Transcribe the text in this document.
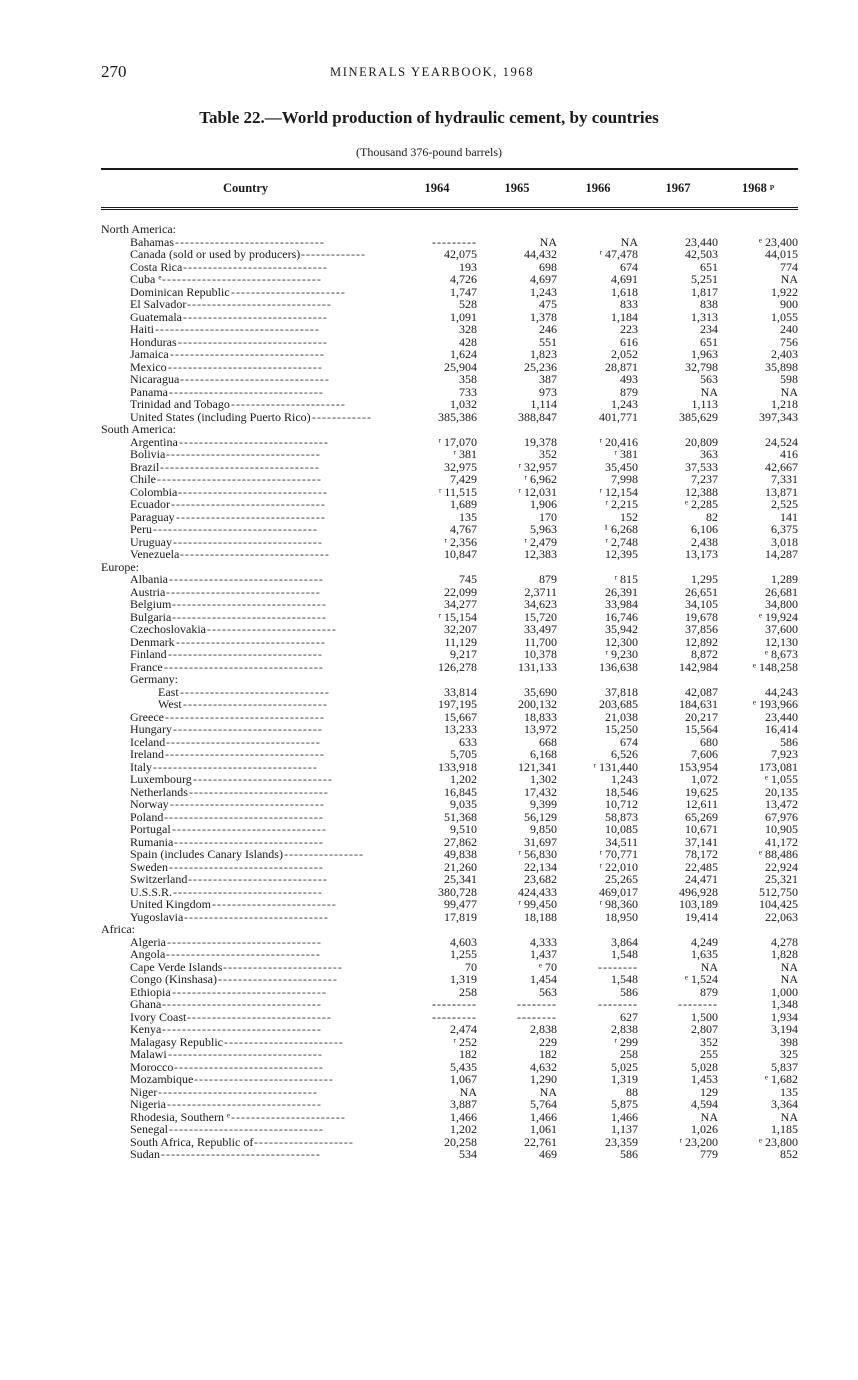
270	MINERALS YEARBOOK, 1968
Table 22.—World production of hydraulic cement, by countries
(Thousand 376-pound barrels)
Country	1964	1965	1966	1967	1968 ᵖ
North America:
Bahamas ------------------------------	---------	NA	NA	23,440	ᵉ 23,400
Canada (sold or used by producers) -------------	42,075	44,432	ʳ 47,478	42,503	44,015
Costa Rica -----------------------------	193	698	674	651	774
Cuba ᵉ --------------------------------	4,726	4,697	4,691	5,251	NA
Dominican Republic -----------------------	1,747	1,243	1,618	1,817	1,922
El Salvador -----------------------------	528	475	833	838	900
Guatemala -----------------------------	1,091	1,378	1,184	1,313	1,055
Haiti ---------------------------------	328	246	223	234	240
Honduras ------------------------------	428	551	616	651	756
Jamaica -------------------------------	1,624	1,823	2,052	1,963	2,403
Mexico -------------------------------	25,904	25,236	28,871	32,798	35,898
Nicaragua ------------------------------	358	387	493	563	598
Panama -------------------------------	733	973	879	NA	NA
Trinidad and Tobago -----------------------	1,032	1,114	1,243	1,113	1,218
United States (including Puerto Rico) ------------	385,386	388,847	401,771	385,629	397,343
South America:
Argentina ------------------------------	ʳ 17,070	19,378	ʳ 20,416	20,809	24,524
Bolivia -------------------------------	ʳ 381	352	ʳ 381	363	416
Brazil --------------------------------	32,975	ʳ 32,957	35,450	37,533	42,667
Chile ---------------------------------	7,429	ʳ 6,962	7,998	7,237	7,331
Colombia ------------------------------	ʳ 11,515	ʳ 12,031	ʳ 12,154	12,388	13,871
Ecuador -------------------------------	1,689	1,906	ʳ 2,215	ᵉ 2,285	2,525
Paraguay ------------------------------	135	170	152	82	141
Peru ---------------------------------	4,767	5,963	¹ 6,268	6,106	6,375
Uruguay ------------------------------	ʳ 2,356	ʳ 2,479	ʳ 2,748	2,438	3,018
Venezuela ------------------------------	10,847	12,383	12,395	13,173	14,287
Europe:
Albania -------------------------------	745	879	ʳ 815	1,295	1,289
Austria -------------------------------	22,099	2,3711	26,391	26,651	26,681
Belgium -------------------------------	34,277	34,623	33,984	34,105	34,800
Bulgaria -------------------------------	ʳ 15,154	15,720	16,746	19,678	ᵉ 19,924
Czechoslovakia --------------------------	32,207	33,497	35,942	37,856	37,600
Denmark ------------------------------	11,129	11,700	12,300	12,892	12,130
Finland -------------------------------	9,217	10,378	ʳ 9,230	8,872	ᵉ 8,673
France --------------------------------	126,278	131,133	136,638	142,984	ᵉ 148,258
Germany:
East ------------------------------	33,814	35,690	37,818	42,087	44,243
West -----------------------------	197,195	200,132	203,685	184,631	ᵉ 193,966
Greece --------------------------------	15,667	18,833	21,038	20,217	23,440
Hungary ------------------------------	13,233	13,972	15,250	15,564	16,414
Iceland -------------------------------	633	668	674	680	586
Ireland --------------------------------	5,705	6,168	6,526	7,606	7,923
Italy ---------------------------------	133,918	121,341	ʳ 131,440	153,954	173,081
Luxembourg ----------------------------	1,202	1,302	1,243	1,072	ᵉ 1,055
Netherlands ----------------------------	16,845	17,432	18,546	19,625	20,135
Norway -------------------------------	9,035	9,399	10,712	12,611	13,472
Poland --------------------------------	51,368	56,129	58,873	65,269	67,976
Portugal -------------------------------	9,510	9,850	10,085	10,671	10,905
Rumania ------------------------------	27,862	31,697	34,511	37,141	41,172
Spain (includes Canary Islands) ----------------	49,838	ʳ 56,830	ʳ 70,771	78,172	ᵉ 88,486
Sweden -------------------------------	21,260	22,134	ʳ 22,010	22,485	22,924
Switzerland ----------------------------	25,341	23,682	25,265	24,471	25,321
U.S.S.R. ------------------------------	380,728	424,433	469,017	496,928	512,750
United Kingdom -------------------------	99,477	ʳ 99,450	ʳ 98,360	103,189	104,425
Yugoslavia -----------------------------	17,819	18,188	18,950	19,414	22,063
Africa:
Algeria -------------------------------	4,603	4,333	3,864	4,249	4,278
Angola -------------------------------	1,255	1,437	1,548	1,635	1,828
Cape Verde Islands ------------------------	70	ᵉ 70	--------	NA	NA
Congo (Kinshasa) ------------------------	1,319	1,454	1,548	ᵉ 1,524	NA
Ethiopia -------------------------------	258	563	586	879	1,000
Ghana --------------------------------	---------	--------	--------	--------	1,348
Ivory Coast -----------------------------	---------	--------	627	1,500	1,934
Kenya --------------------------------	2,474	2,838	2,838	2,807	3,194
Malagasy Republic ------------------------	ʳ 252	229	ʳ 299	352	398
Malawi -------------------------------	182	182	258	255	325
Morocco ------------------------------	5,435	4,632	5,025	5,028	5,837
Mozambique ----------------------------	1,067	1,290	1,319	1,453	ᵉ 1,682
Niger --------------------------------	NA	NA	88	129	135
Nigeria -------------------------------	3,887	5,764	5,875	4,594	3,364
Rhodesia, Southern ᵉ -----------------------	1,466	1,466	1,466	NA	NA
Senegal -------------------------------	1,202	1,061	1,137	1,026	1,185
South Africa, Republic of --------------------	20,258	22,761	23,359	ʳ 23,200	ᵉ 23,800
Sudan --------------------------------	534	469	586	779	852
